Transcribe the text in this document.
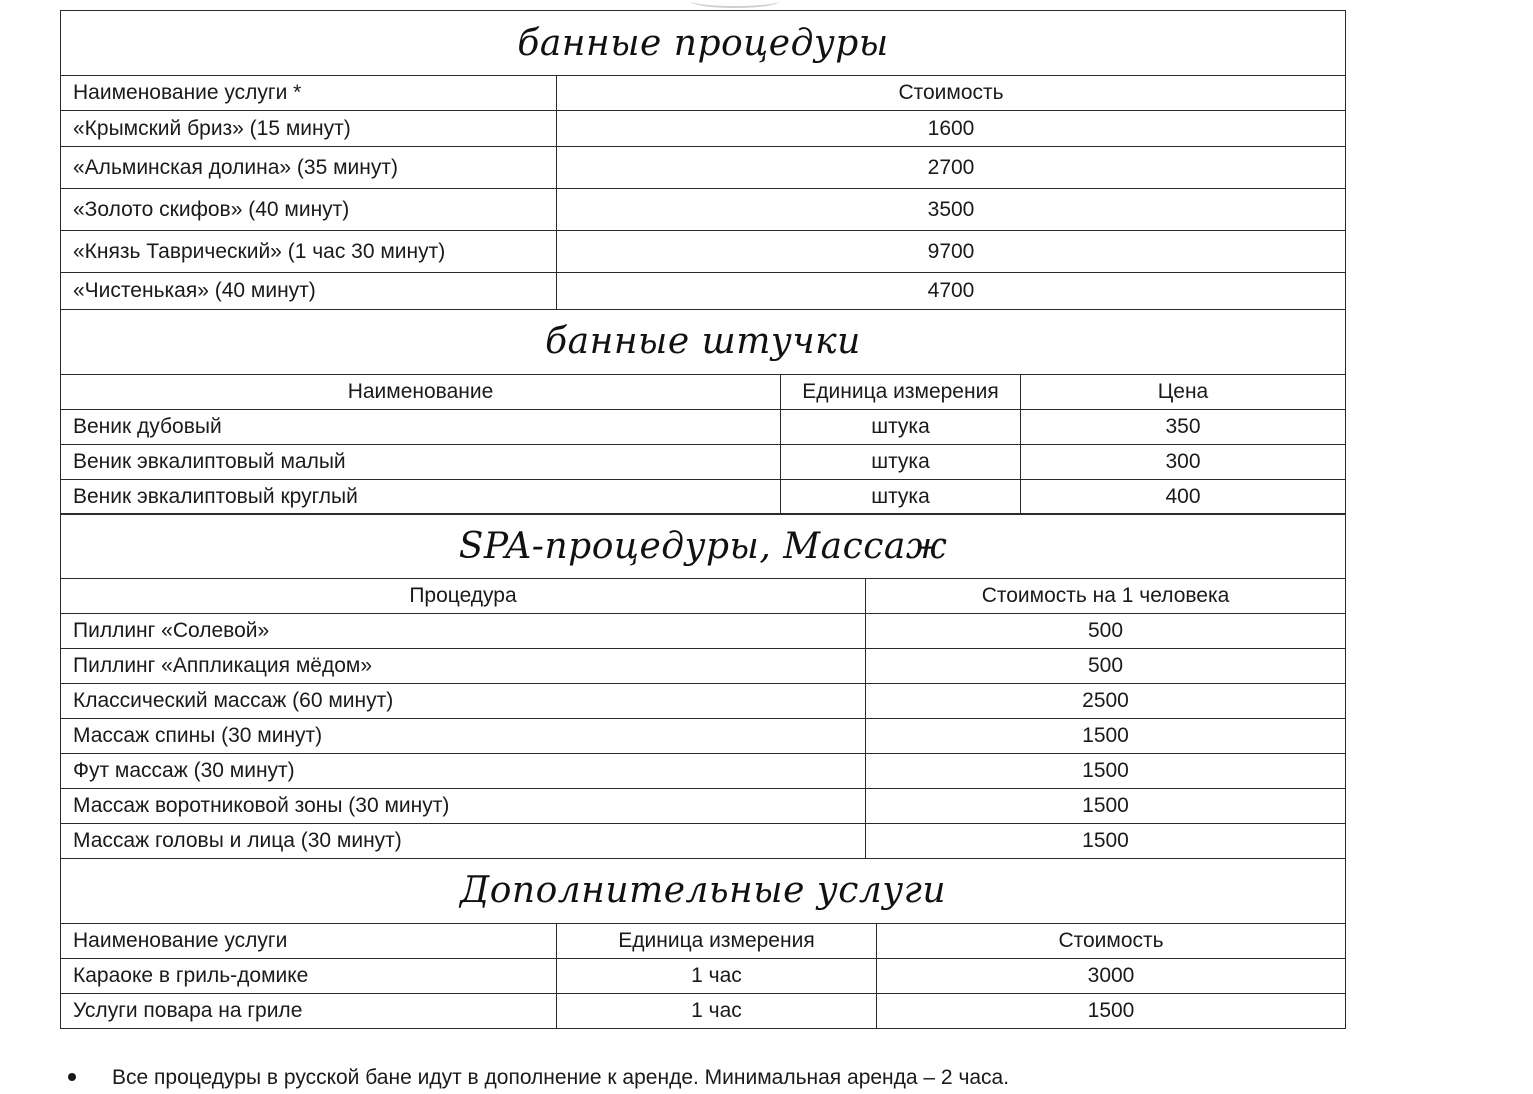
банные процедуры	
Наименование услуги *	Стоимость
«Крымский бриз» (15 минут)	1600
«Альминская долина» (35 минут)	2700
«Золото скифов» (40 минут)	3500
«Князь Таврический» (1 час 30 минут)	9700
«Чистенькая» (40 минут)	4700
банные штучки		
Наименование	Единица измерения	Цена
Веник дубовый	штука	350
Веник эвкалиптовый малый	штука	300
Веник эвкалиптовый круглый	штука	400
SPA-процедуры, Массаж	
Процедура	Стоимость на 1 человека
Пиллинг «Солевой»	500
Пиллинг «Аппликация мёдом»	500
Классический массаж (60 минут)	2500
Массаж спины (30 минут)	1500
Фут массаж (30 минут)	1500
Массаж воротниковой зоны (30 минут)	1500
Массаж головы и лица (30 минут)	1500
Дополнительные услуги		
Наименование услуги	Единица измерения	Стоимость
Караоке в гриль-домике	1 час	3000
Услуги повара на гриле	1 час	1500
Все процедуры в русской бане идут в дополнение к аренде. Минимальная аренда – 2 часа.
